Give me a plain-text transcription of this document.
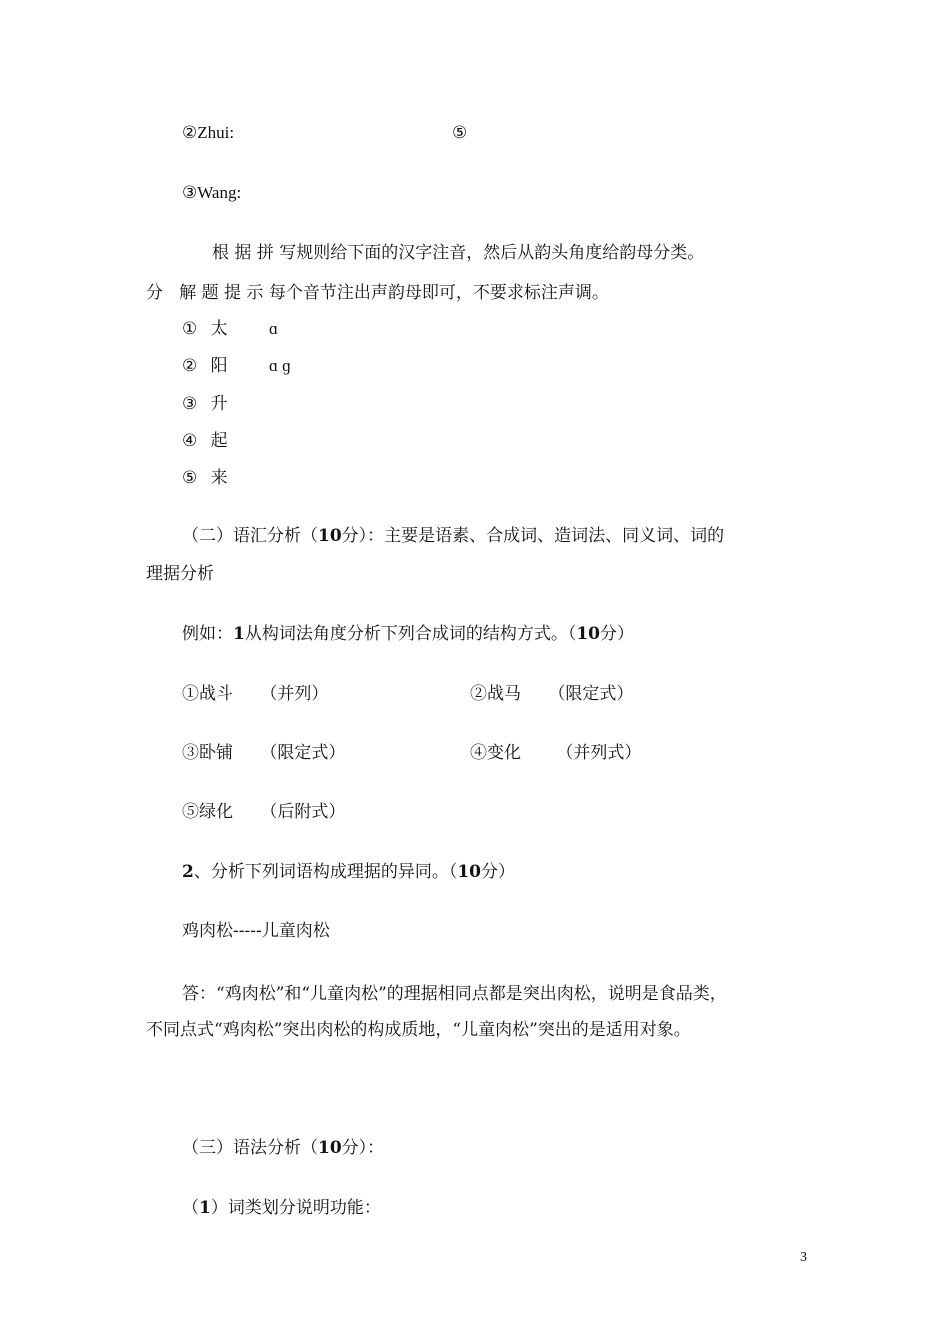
②Zhui:	⑤
③Wang:
根 据 拼 写规则给下面的汉字注音，然后从韵头角度给韵母分类。
分   解 题 提 示 每个音节注出声韵母即可，不要求标注声调。
① 太 ɑ
② 阳 ɑ ɡ
③ 升
④ 起
⑤ 来
（二）语汇分析（10分）：主要是语素、合成词、造词法、同义词、词的
理据分析
例如：1从构词法角度分析下列合成词的结构方式。（10分）
①战斗 （并列）	②战马 （限定式）
③卧铺 （限定式）	④变化 （并列式）
⑤绿化 （后附式）
2、分析下列词语构成理据的异同。（10分）
鸡肉松-----儿童肉松
答：“鸡肉松”和“儿童肉松”的理据相同点都是突出肉松，说明是食品类，
不同点式“鸡肉松”突出肉松的构成质地，“儿童肉松”突出的是适用对象。
（三）语法分析（10分）：
（1）词类划分说明功能：
3
